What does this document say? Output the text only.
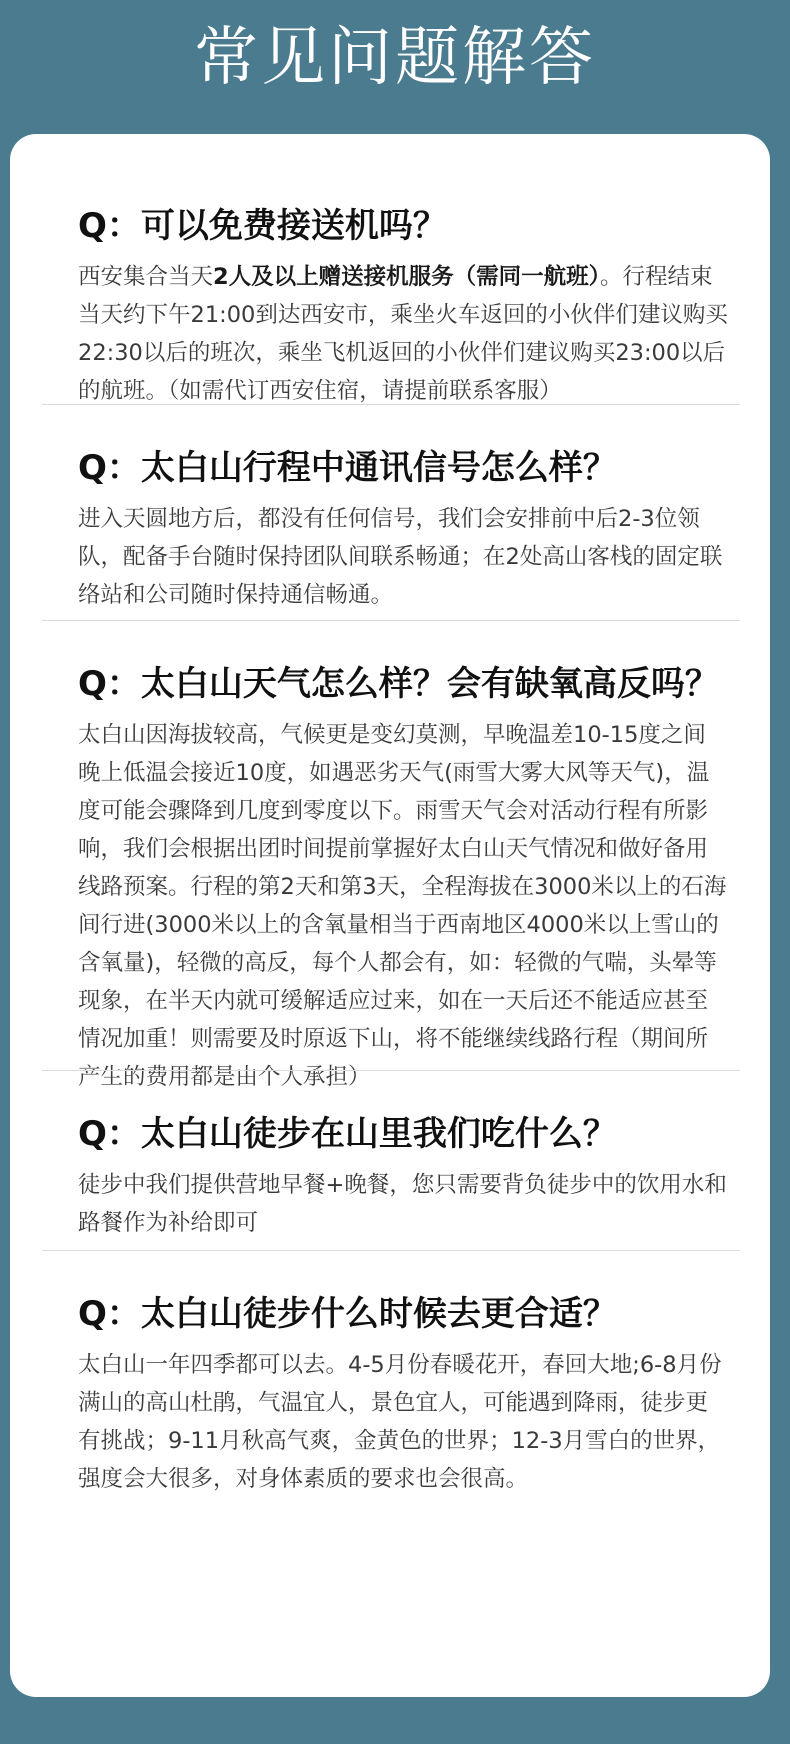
常见问题解答
Q：可以免费接送机吗？
西安集合当天2人及以上赠送接机服务（需同一航班）。行程结束当天约下午21:00到达西安市，乘坐火车返回的小伙伴们建议购买22:30以后的班次，乘坐飞机返回的小伙伴们建议购买23:00以后的航班。（如需代订西安住宿，请提前联系客服）
Q：太白山行程中通讯信号怎么样？
进入天圆地方后，都没有任何信号，我们会安排前中后2-3位领队，配备手台随时保持团队间联系畅通；在2处高山客栈的固定联络站和公司随时保持通信畅通。
Q：太白山天气怎么样？会有缺氧高反吗？
太白山因海拔较高，气候更是变幻莫测，早晚温差10-15度之间晚上低温会接近10度，如遇恶劣天气(雨雪大雾大风等天气)，温度可能会骤降到几度到零度以下。雨雪天气会对活动行程有所影响，我们会根据出团时间提前掌握好太白山天气情况和做好备用线路预案。行程的第2天和第3天，全程海拔在3000米以上的石海间行进(3000米以上的含氧量相当于西南地区4000米以上雪山的含氧量)，轻微的高反，每个人都会有，如：轻微的气喘，头晕等现象，在半天内就可缓解适应过来，如在一天后还不能适应甚至情况加重！则需要及时原返下山，将不能继续线路行程（期间所产生的费用都是由个人承担）
Q：太白山徒步在山里我们吃什么？
徒步中我们提供营地早餐+晚餐，您只需要背负徒步中的饮用水和路餐作为补给即可
Q：太白山徒步什么时候去更合适？
太白山一年四季都可以去。4-5月份春暖花开，春回大地;6-8月份满山的高山杜鹃，气温宜人，景色宜人，可能遇到降雨，徒步更有挑战；9-11月秋高气爽，金黄色的世界；12-3月雪白的世界，强度会大很多，对身体素质的要求也会很高。
